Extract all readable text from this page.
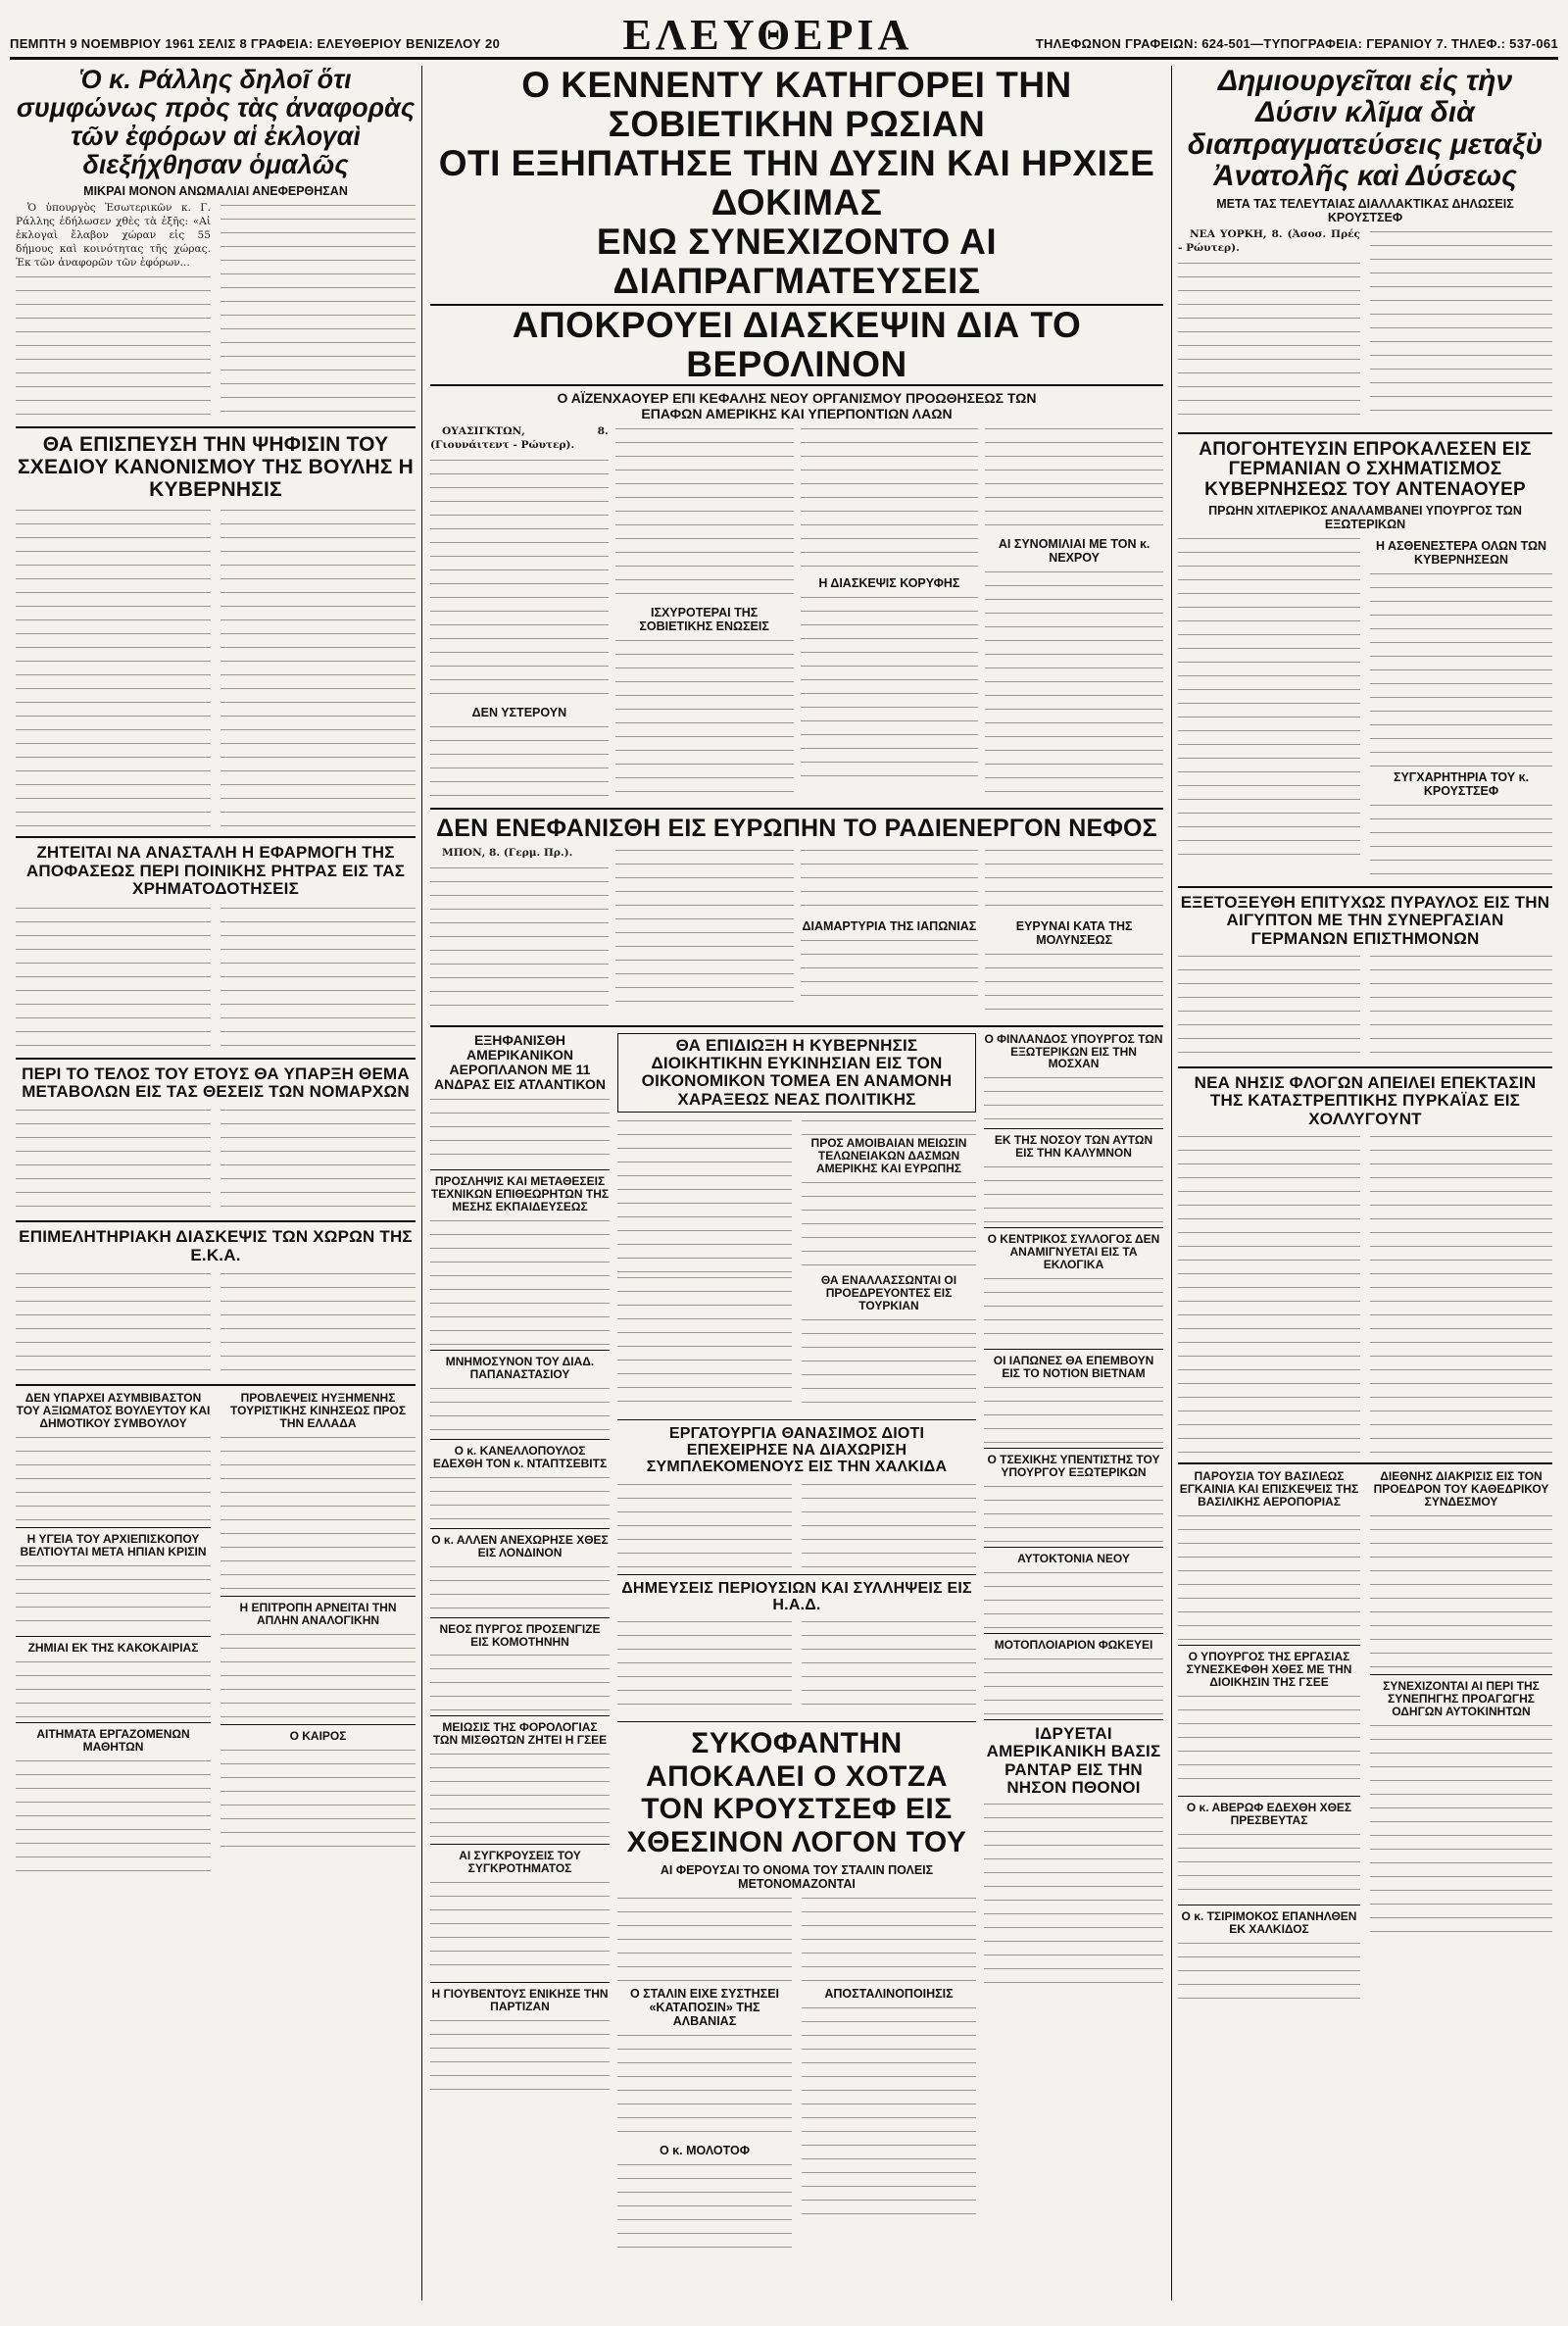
ΠΕΜΠΤΗ 9 ΝΟΕΜΒΡΙΟΥ 1961 ΣΕΛΙΣ 8 ΓΡΑΦΕΙΑ: ΕΛΕΥΘΕΡΙΟΥ ΒΕΝΙΖΕΛΟΥ 20	ΕΛΕΥΘΕΡΙΑ	ΤΗΛΕΦΩΝΟΝ ΓΡΑΦΕΙΩΝ: 624-501—ΤΥΠΟΓΡΑΦΕΙΑ: ΓΕΡΑΝΙΟΥ 7. ΤΗΛΕΦ.: 537-061
Ὁ κ. Ράλλης δηλοῖ ὅτι συμφώνως πρὸς τὰς ἀναφορὰς τῶν ἐφόρων αἱ ἐκλογαὶ διεξήχθησαν ὁμαλῶς
ΜΙΚΡΑΙ ΜΟΝΟΝ ΑΝΩΜΑΛΙΑΙ ΑΝΕΦΕΡΘΗΣΑΝ

Ὁ ὑπουργὸς Ἐσωτερικῶν κ. Γ. Ράλλης ἐδήλωσεν χθὲς τὰ ἑξῆς: «Αἱ ἐκλογαὶ ἔλαβον χώραν εἰς 55 δήμους καὶ κοινότητας τῆς χώρας. Ἐκ τῶν ἀναφορῶν τῶν ἐφόρων...

ΘΑ ΕΠΙΣΠΕΥΣΗ ΤΗΝ ΨΗΦΙΣΙΝ ΤΟΥ ΣΧΕΔΙΟΥ ΚΑΝΟΝΙΣΜΟΥ ΤΗΣ ΒΟΥΛΗΣ Η ΚΥΒΕΡΝΗΣΙΣ
ΖΗΤΕΙΤΑΙ ΝΑ ΑΝΑΣΤΑΛΗ Η ΕΦΑΡΜΟΓΗ ΤΗΣ ΑΠΟΦΑΣΕΩΣ ΠΕΡΙ ΠΟΙΝΙΚΗΣ ΡΗΤΡΑΣ ΕΙΣ ΤΑΣ ΧΡΗΜΑΤΟΔΟΤΗΣΕΙΣ
ΠΕΡΙ ΤΟ ΤΕΛΟΣ ΤΟΥ ΕΤΟΥΣ ΘΑ ΥΠΑΡΞΗ ΘΕΜΑ ΜΕΤΑΒΟΛΩΝ ΕΙΣ ΤΑΣ ΘΕΣΕΙΣ ΤΩΝ ΝΟΜΑΡΧΩΝ
ΕΠΙΜΕΛΗΤΗΡΙΑΚΗ ΔΙΑΣΚΕΨΙΣ ΤΩΝ ΧΩΡΩΝ ΤΗΣ Ε.Κ.Α.
ΔΕΝ ΥΠΑΡΧΕΙ ΑΣΥΜΒΙΒΑΣΤΟΝ ΤΟΥ ΑΞΙΩΜΑΤΟΣ ΒΟΥΛΕΥΤΟΥ ΚΑΙ ΔΗΜΟΤΙΚΟΥ ΣΥΜΒΟΥΛΟΥ
Η ΥΓΕΙΑ ΤΟΥ ΑΡΧΙΕΠΙΣΚΟΠΟΥ ΒΕΛΤΙΟΥΤΑΙ ΜΕΤΑ ΗΠΙΑΝ ΚΡΙΣΙΝ
ΖΗΜΙΑΙ ΕΚ ΤΗΣ ΚΑΚΟΚΑΙΡΙΑΣ
ΑΙΤΗΜΑΤΑ ΕΡΓΑΖΟΜΕΝΩΝ ΜΑΘΗΤΩΝ
ΠΡΟΒΛΕΨΕΙΣ ΗΥΞΗΜΕΝΗΣ ΤΟΥΡΙΣΤΙΚΗΣ ΚΙΝΗΣΕΩΣ ΠΡΟΣ ΤΗΝ ΕΛΛΑΔΑ
Η ΕΠΙΤΡΟΠΗ ΑΡΝΕΙΤΑΙ ΤΗΝ ΑΠΛΗΝ ΑΝΑΛΟΓΙΚΗΝ
Ο ΚΑΙΡΟΣ
Ο ΚΕΝΝΕΝΤΥ ΚΑΤΗΓΟΡΕΙ ΤΗΝ ΣΟΒΙΕΤΙΚΗΝ ΡΩΣΙΑΝ
ΟΤΙ ΕΞΗΠΑΤΗΣΕ ΤΗΝ ΔΥΣΙΝ ΚΑΙ ΗΡΧΙΣΕ ΔΟΚΙΜΑΣ
ΕΝΩ ΣΥΝΕΧΙΖΟΝΤΟ ΑΙ ΔΙΑΠΡΑΓΜΑΤΕΥΣΕΙΣ
ΑΠΟΚΡΟΥΕΙ ΔΙΑΣΚΕΨΙΝ ΔΙΑ ΤΟ ΒΕΡΟΛΙΝΟΝ
Ο ΑΪΖΕΝΧΑΟΥΕΡ ΕΠΙ ΚΕΦΑΛΗΣ ΝΕΟΥ ΟΡΓΑΝΙΣΜΟΥ ΠΡΟΩΘΗΣΕΩΣ ΤΩΝ ΕΠΑΦΩΝ ΑΜΕΡΙΚΗΣ ΚΑΙ ΥΠΕΡΠΟΝΤΙΩΝ ΛΑΩΝ

ΟΥΑΣΙΓΚΤΩΝ, 8. (Γιουνάιτεντ - Ρώυτερ).

ΔΕΝ ΥΣΤΕΡΟΥΝ
ΙΣΧΥΡΟΤΕΡΑΙ ΤΗΣ ΣΟΒΙΕΤΙΚΗΣ ΕΝΩΣΕΙΣ
Η ΔΙΑΣΚΕΨΙΣ ΚΟΡΥΦΗΣ
ΑΙ ΣΥΝΟΜΙΛΙΑΙ ΜΕ ΤΟΝ κ. ΝΕΧΡΟΥ
ΔΕΝ ΕΝΕΦΑΝΙΣΘΗ ΕΙΣ ΕΥΡΩΠΗΝ ΤΟ ΡΑΔΙΕΝΕΡΓΟΝ ΝΕΦΟΣ

ΜΠΟΝ, 8. (Γερμ. Πρ.).

ΔΙΑΜΑΡΤΥΡΙΑ ΤΗΣ ΙΑΠΩΝΙΑΣ	ΕΥΡΥΝΑΙ ΚΑΤΑ ΤΗΣ ΜΟΛΥΝΣΕΩΣ
ΕΞΗΦΑΝΙΣΘΗ ΑΜΕΡΙΚΑΝΙΚΟΝ ΑΕΡΟΠΛΑΝΟΝ ΜΕ 11 ΑΝΔΡΑΣ ΕΙΣ ΑΤΛΑΝΤΙΚΟΝ
ΠΡΟΣΛΗΨΙΣ ΚΑΙ ΜΕΤΑΘΕΣΕΙΣ ΤΕΧΝΙΚΩΝ ΕΠΙΘΕΩΡΗΤΩΝ ΤΗΣ ΜΕΣΗΣ ΕΚΠΑΙΔΕΥΣΕΩΣ
ΜΝΗΜΟΣΥΝΟΝ ΤΟΥ ΔΙΑΔ. ΠΑΠΑΝΑΣΤΑΣΙΟΥ
Ο κ. ΚΑΝΕΛΛΟΠΟΥΛΟΣ ΕΔΕΧΘΗ ΤΟΝ κ. ΝΤΑΠΤΣΕΒΙΤΣ
Ο κ. ΑΛΛΕΝ ΑΝΕΧΩΡΗΣΕ ΧΘΕΣ ΕΙΣ ΛΟΝΔΙΝΟΝ
ΝΕΟΣ ΠΥΡΓΟΣ ΠΡΟΣΕΝΓΙΖΕ ΕΙΣ ΚΟΜΟΤΗΝΗΝ
ΜΕΙΩΣΙΣ ΤΗΣ ΦΟΡΟΛΟΓΙΑΣ ΤΩΝ ΜΙΣΘΩΤΩΝ ΖΗΤΕΙ Η ΓΣΕΕ
ΑΙ ΣΥΓΚΡΟΥΣΕΙΣ ΤΟΥ ΣΥΓΚΡΟΤΗΜΑΤΟΣ
Η ΓΙΟΥΒΕΝΤΟΥΣ ΕΝΙΚΗΣΕ ΤΗΝ ΠΑΡΤΙΖΑΝ
ΘΑ ΕΠΙΔΙΩΞΗ Η ΚΥΒΕΡΝΗΣΙΣ ΔΙΟΙΚΗΤΙΚΗΝ ΕΥΚΙΝΗΣΙΑΝ ΕΙΣ ΤΟΝ ΟΙΚΟΝΟΜΙΚΟΝ ΤΟΜΕΑ ΕΝ ΑΝΑΜΟΝΗ ΧΑΡΑΞΕΩΣ ΝΕΑΣ ΠΟΛΙΤΙΚΗΣ
ΠΡΟΣ ΑΜΟΙΒΑΙΑΝ ΜΕΙΩΣΙΝ ΤΕΛΩΝΕΙΑΚΩΝ ΔΑΣΜΩΝ ΑΜΕΡΙΚΗΣ ΚΑΙ ΕΥΡΩΠΗΣ
ΘΑ ΕΝΑΛΛΑΣΣΩΝΤΑΙ ΟΙ ΠΡΟΕΔΡΕΥΟΝΤΕΣ ΕΙΣ ΤΟΥΡΚΙΑΝ
ΕΡΓΑΤΟΥΡΓΙΑ ΘΑΝΑΣΙΜΟΣ ΔΙΟΤΙ ΕΠΕΧΕΙΡΗΣΕ ΝΑ ΔΙΑΧΩΡΙΣΗ ΣΥΜΠΛΕΚΟΜΕΝΟΥΣ ΕΙΣ ΤΗΝ ΧΑΛΚΙΔΑ
ΔΗΜΕΥΣΕΙΣ ΠΕΡΙΟΥΣΙΩΝ ΚΑΙ ΣΥΛΛΗΨΕΙΣ ΕΙΣ Η.Α.Δ.
ΣΥΚΟΦΑΝΤΗΝ ΑΠΟΚΑΛΕΙ Ο ΧΟΤΖΑ ΤΟΝ ΚΡΟΥΣΤΣΕΦ ΕΙΣ ΧΘΕΣΙΝΟΝ ΛΟΓΟΝ ΤΟΥ
ΑΙ ΦΕΡΟΥΣΑΙ ΤΟ ΟΝΟΜΑ ΤΟΥ ΣΤΑΛΙΝ ΠΟΛΕΙΣ ΜΕΤΟΝΟΜΑΖΟΝΤΑΙ
Ο ΣΤΑΛΙΝ ΕΙΧΕ ΣΥΣΤΗΣΕΙ «ΚΑΤΑΠΟΣΙΝ» ΤΗΣ ΑΛΒΑΝΙΑΣ
Ο κ. ΜΟΛΟΤΟΦ
ΑΠΟΣΤΑΛΙΝΟΠΟΙΗΣΙΣ
Ο ΦΙΝΛΑΝΔΟΣ ΥΠΟΥΡΓΟΣ ΤΩΝ ΕΞΩΤΕΡΙΚΩΝ ΕΙΣ ΤΗΝ ΜΟΣΧΑΝ
ΕΚ ΤΗΣ ΝΟΣΟΥ ΤΩΝ ΑΥΤΩΝ ΕΙΣ ΤΗΝ ΚΑΛΥΜΝΟΝ
Ο ΚΕΝΤΡΙΚΟΣ ΣΥΛΛΟΓΟΣ ΔΕΝ ΑΝΑΜΙΓΝΥΕΤΑΙ ΕΙΣ ΤΑ ΕΚΛΟΓΙΚΑ
ΟΙ ΙΑΠΩΝΕΣ ΘΑ ΕΠΕΜΒΟΥΝ ΕΙΣ ΤΟ ΝΟΤΙΟΝ ΒΙΕΤΝΑΜ
Ο ΤΣΕΧΙΚΗΣ ΥΠΕΝΤΙΣΤΗΣ ΤΟΥ ΥΠΟΥΡΓΟΥ ΕΞΩΤΕΡΙΚΩΝ
ΑΥΤΟΚΤΟΝΙΑ ΝΕΟΥ
ΜΟΤΟΠΛΟΙΑΡΙΟΝ ΦΩΚΕΥΕΙ
ΙΔΡΥΕΤΑΙ ΑΜΕΡΙΚΑΝΙΚΗ ΒΑΣΙΣ ΡΑΝΤΑΡ ΕΙΣ ΤΗΝ ΝΗΣΟΝ ΠΘΟΝΟΙ
Δημιουργεῖται εἰς τὴν Δύσιν κλῖμα διὰ διαπραγματεύσεις μεταξὺ Ἀνατολῆς καὶ Δύσεως
ΜΕΤΑ ΤΑΣ ΤΕΛΕΥΤΑΙΑΣ ΔΙΑΛΛΑΚΤΙΚΑΣ ΔΗΛΩΣΕΙΣ ΚΡΟΥΣΤΣΕΦ

ΝΕΑ ΥΟΡΚΗ, 8. (Ἀσοσ. Πρές - Ρώυτερ).

ΑΠΟΓΟΗΤΕΥΣΙΝ ΕΠΡΟΚΑΛΕΣΕΝ ΕΙΣ ΓΕΡΜΑΝΙΑΝ Ο ΣΧΗΜΑΤΙΣΜΟΣ ΚΥΒΕΡΝΗΣΕΩΣ ΤΟΥ ΑΝΤΕΝΑΟΥΕΡ
ΠΡΩΗΝ ΧΙΤΛΕΡΙΚΟΣ ΑΝΑΛΑΜΒΑΝΕΙ ΥΠΟΥΡΓΟΣ ΤΩΝ ΕΞΩΤΕΡΙΚΩΝ
Η ΑΣΘΕΝΕΣΤΕΡΑ ΟΛΩΝ ΤΩΝ ΚΥΒΕΡΝΗΣΕΩΝ
ΣΥΓΧΑΡΗΤΗΡΙΑ ΤΟΥ κ. ΚΡΟΥΣΤΣΕΦ
ΕΞΕΤΟΞΕΥΘΗ ΕΠΙΤΥΧΩΣ ΠΥΡΑΥΛΟΣ ΕΙΣ ΤΗΝ ΑΙΓΥΠΤΟΝ ΜΕ ΤΗΝ ΣΥΝΕΡΓΑΣΙΑΝ ΓΕΡΜΑΝΩΝ ΕΠΙΣΤΗΜΟΝΩΝ
ΝΕΑ ΝΗΣΙΣ ΦΛΟΓΩΝ ΑΠΕΙΛΕΙ ΕΠΕΚΤΑΣΙΝ ΤΗΣ ΚΑΤΑΣΤΡΕΠΤΙΚΗΣ ΠΥΡΚΑΪΑΣ ΕΙΣ ΧΟΛΛΥΓΟΥΝΤ
ΠΑΡΟΥΣΙΑ ΤΟΥ ΒΑΣΙΛΕΩΣ ΕΓΚΑΙΝΙΑ ΚΑΙ ΕΠΙΣΚΕΨΕΙΣ ΤΗΣ ΒΑΣΙΛΙΚΗΣ ΑΕΡΟΠΟΡΙΑΣ
Ο ΥΠΟΥΡΓΟΣ ΤΗΣ ΕΡΓΑΣΙΑΣ ΣΥΝΕΣΚΕΦΘΗ ΧΘΕΣ ΜΕ ΤΗΝ ΔΙΟΙΚΗΣΙΝ ΤΗΣ ΓΣΕΕ
Ο κ. ΑΒΕΡΩΦ ΕΔΕΧΘΗ ΧΘΕΣ ΠΡΕΣΒΕΥΤΑΣ
Ο κ. ΤΣΙΡΙΜΟΚΟΣ ΕΠΑΝΗΛΘΕΝ ΕΚ ΧΑΛΚΙΔΟΣ
ΔΙΕΘΝΗΣ ΔΙΑΚΡΙΣΙΣ ΕΙΣ ΤΟΝ ΠΡΟΕΔΡΟΝ ΤΟΥ ΚΑΘΕΔΡΙΚΟΥ ΣΥΝΔΕΣΜΟΥ
ΣΥΝΕΧΙΖΟΝΤΑΙ ΑΙ ΠΕΡΙ ΤΗΣ ΣΥΝΕΠΗΓΗΣ ΠΡΟΑΓΩΓΗΣ ΟΔΗΓΩΝ ΑΥΤΟΚΙΝΗΤΩΝ
